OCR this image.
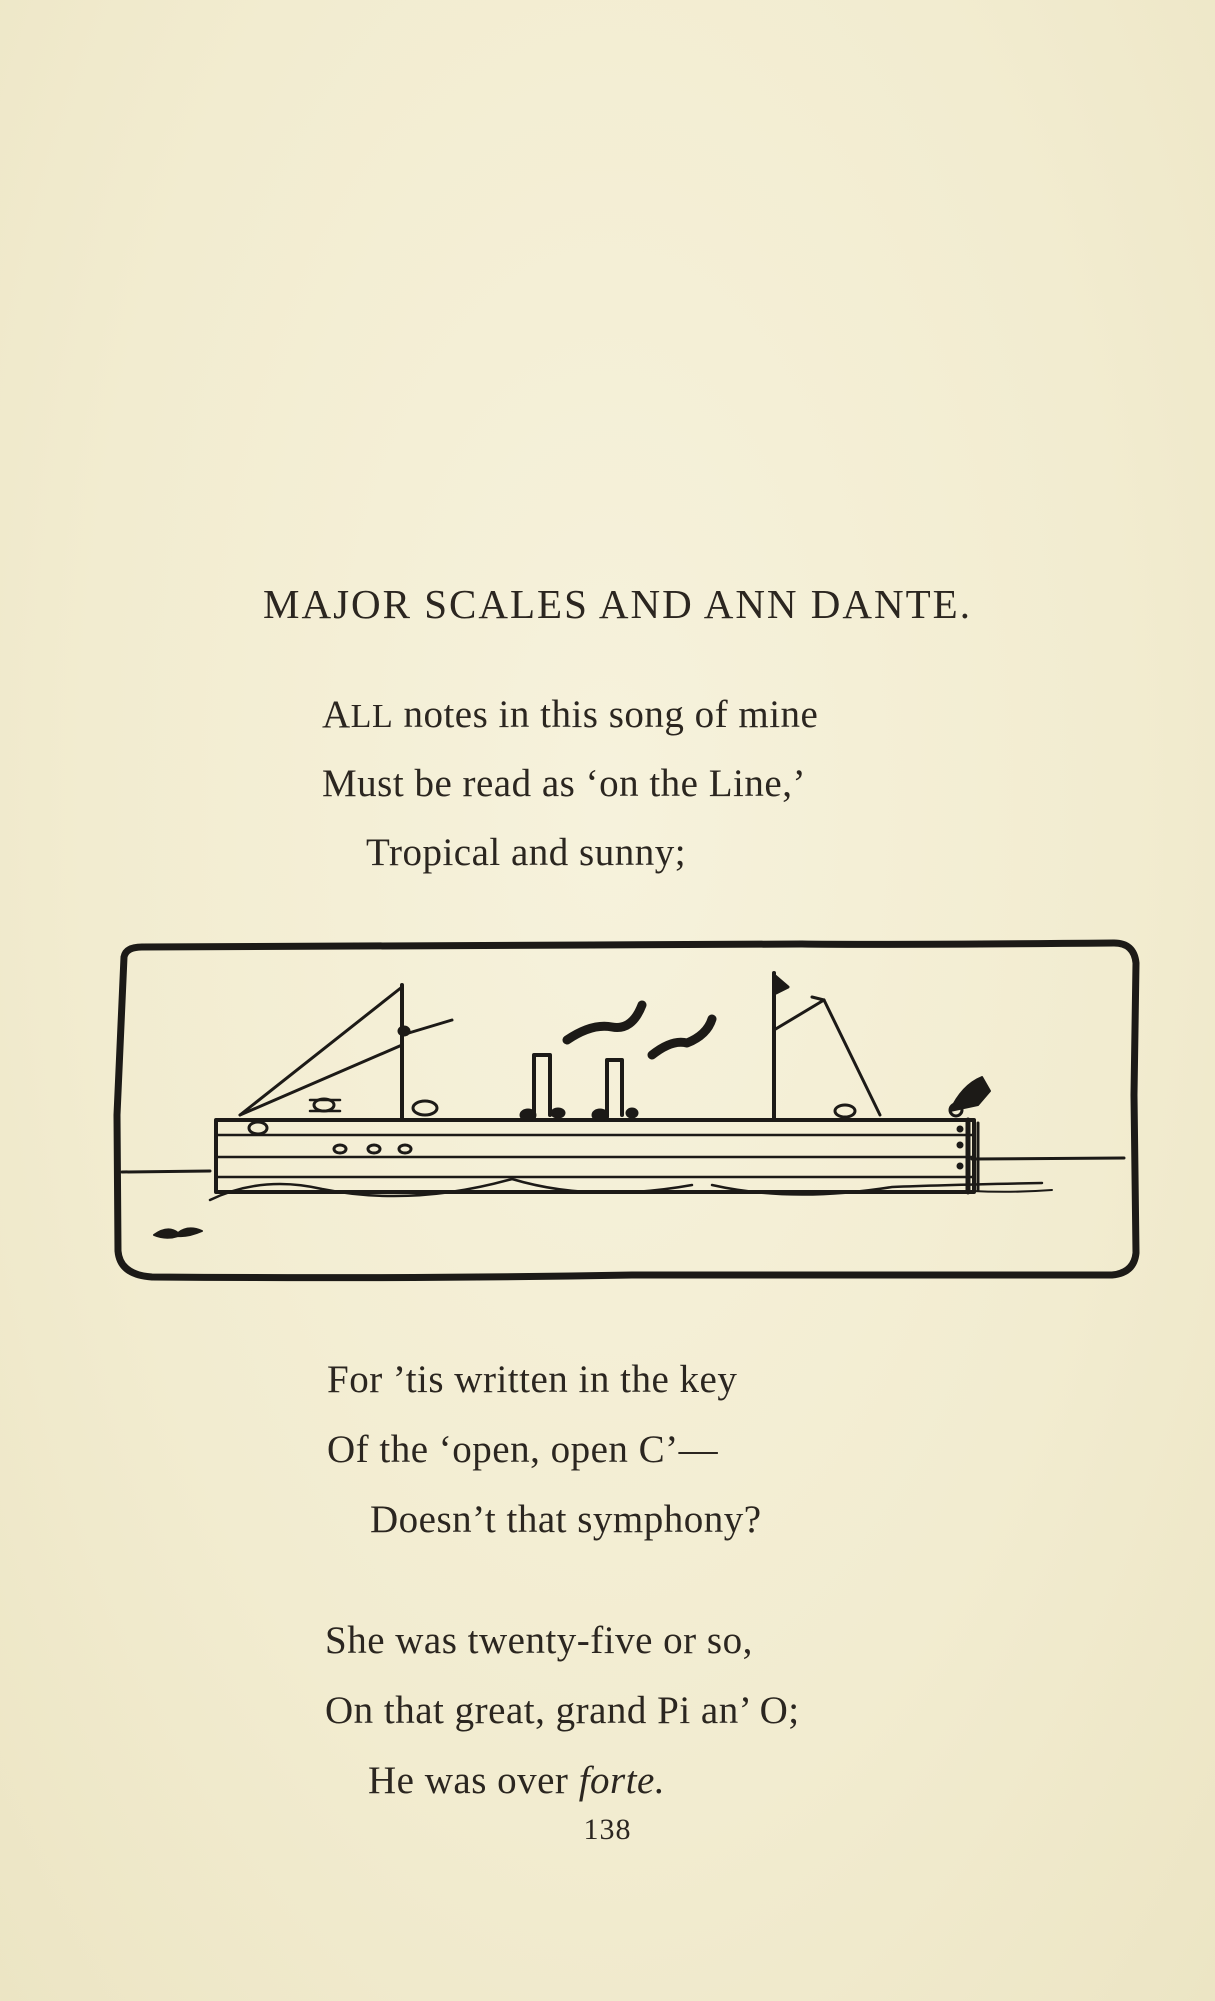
MAJOR SCALES AND ANN DANTE.
ALL notes in this song of mine
Must be read as ‘on the Line,’
Tropical and sunny;
For ’tis written in the key
Of the ‘open, open C’—
Doesn’t that symphony?
She was twenty-five or so,
On that great, grand Pi an’ O;
He was over forte.
138
